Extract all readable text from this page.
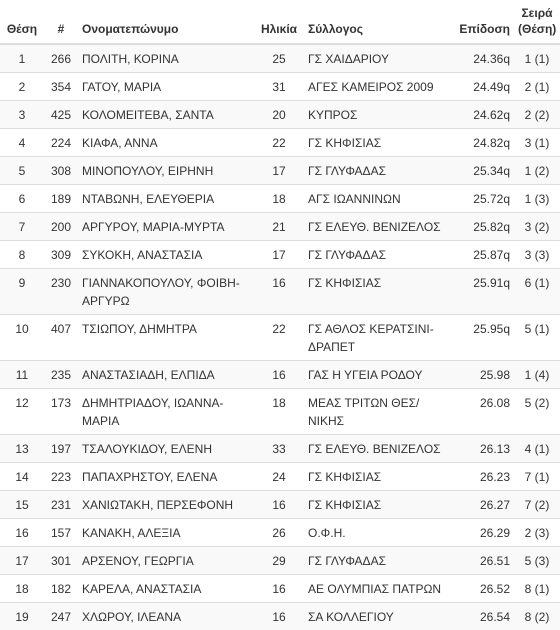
Θέση	#	Ονοματεπώνυμο	Ηλικία	Σύλλογος	Επίδοση	Σειρά
(Θέση)

1	266	ΠΟΛΙΤΗ, ΚΟΡΙΝΑ	25	ΓΣ ΧΑΙΔΑΡΙΟΥ	24.36q	1 (1)
2	354	ΓΑΤΟΥ, ΜΑΡΙΑ	31	ΑΓΕΣ ΚΑΜΕΙΡΟΣ 2009	24.49q	2 (1)
3	425	ΚΟΛΟΜΕΙΤΕΒΑ, ΣΑΝΤΑ	20	ΚΥΠΡΟΣ	24.62q	2 (2)
4	224	ΚΙΑΦΑ, ΑΝΝΑ	22	ΓΣ ΚΗΦΙΣΙΑΣ	24.82q	3 (1)
5	308	ΜΙΝΟΠΟΥΛΟΥ, ΕΙΡΗΝΗ	17	ΓΣ ΓΛΥΦΑΔΑΣ	25.34q	1 (2)
6	189	ΝΤΑΒΩΝΗ, ΕΛΕΥΘΕΡΙΑ	18	ΑΓΣ ΙΩΑΝΝΙΝΩΝ	25.72q	1 (3)
7	200	ΑΡΓΥΡΟΥ, ΜΑΡΙΑ-ΜΥΡΤΑ	21	ΓΣ ΕΛΕΥΘ. ΒΕΝΙΖΕΛΟΣ	25.82q	3 (2)
8	309	ΣΥΚΟΚΗ, ΑΝΑΣΤΑΣΙΑ	17	ΓΣ ΓΛΥΦΑΔΑΣ	25.87q	3 (3)
9	230	ΓΙΑΝΝΑΚΟΠΟΥΛΟΥ, ΦΟΙΒΗ-ΑΡΓΥΡΩ	16	ΓΣ ΚΗΦΙΣΙΑΣ	25.91q	6 (1)
10	407	ΤΣΙΩΠΟΥ, ΔΗΜΗΤΡΑ	22	ΓΣ ΑΘΛΟΣ ΚΕΡΑΤΣΙΝΙ-ΔΡΑΠΕΤ	25.95q	5 (1)
11	235	ΑΝΑΣΤΑΣΙΑΔΗ, ΕΛΠΙΔΑ	16	ΓΑΣ Η ΥΓΕΙΑ ΡΟΔΟΥ	25.98	1 (4)
12	173	ΔΗΜΗΤΡΙΑΔΟΥ, ΙΩΑΝΝΑ-ΜΑΡΙΑ	18	ΜΕΑΣ ΤΡΙΤΩΝ ΘΕΣ/ΝΙΚΗΣ	26.08	5 (2)
13	197	ΤΣΑΛΟΥΚΙΔΟΥ, ΕΛΕΝΗ	33	ΓΣ ΕΛΕΥΘ. ΒΕΝΙΖΕΛΟΣ	26.13	4 (1)
14	223	ΠΑΠΑΧΡΗΣΤΟΥ, ΕΛΕΝΑ	24	ΓΣ ΚΗΦΙΣΙΑΣ	26.23	7 (1)
15	231	ΧΑΝΙΩΤΑΚΗ, ΠΕΡΣΕΦΟΝΗ	16	ΓΣ ΚΗΦΙΣΙΑΣ	26.27	7 (2)
16	157	ΚΑΝΑΚΗ, ΑΛΕΞΙΑ	26	Ο.Φ.Η.	26.29	2 (3)
17	301	ΑΡΣΕΝΟΥ, ΓΕΩΡΓΙΑ	29	ΓΣ ΓΛΥΦΑΔΑΣ	26.51	5 (3)
18	182	ΚΑΡΕΛΑ, ΑΝΑΣΤΑΣΙΑ	16	ΑΕ ΟΛΥΜΠΙΑΣ ΠΑΤΡΩΝ	26.52	8 (1)
19	247	ΧΛΩΡΟΥ, ΙΛΕΑΝΑ	16	ΣΑ ΚΟΛΛΕΓΙΟΥ	26.54	8 (2)
